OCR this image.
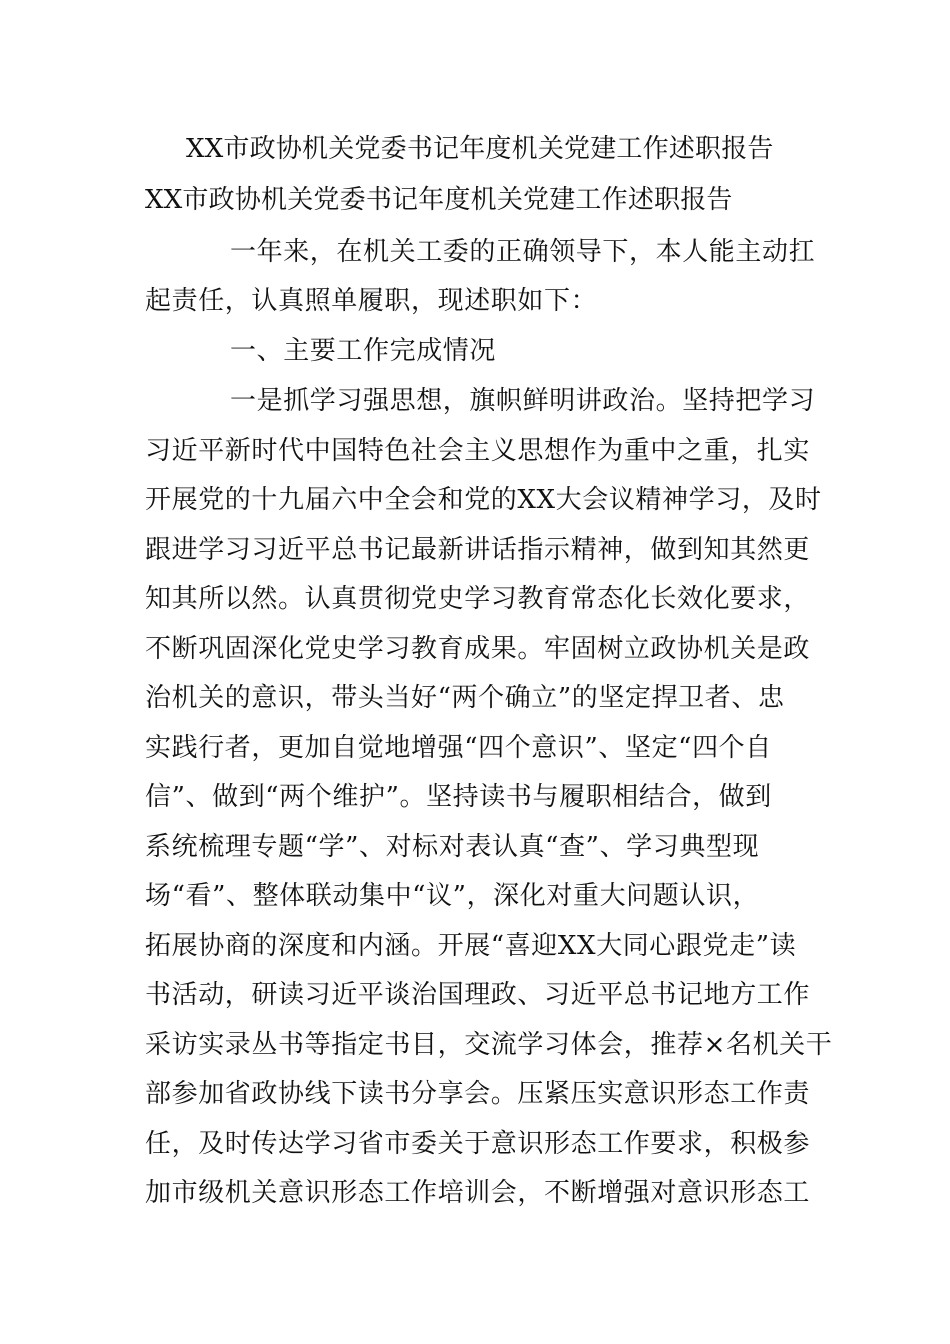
XX市政协机关党委书记年度机关党建工作述职报告
XX市政协机关党委书记年度机关党建工作述职报告
一年来，在机关工委的正确领导下，本人能主动扛
起责任，认真照单履职，现述职如下：
一、主要工作完成情况
一是抓学习强思想，旗帜鲜明讲政治。坚持把学习
习近平新时代中国特色社会主义思想作为重中之重，扎实
开展党的十九届六中全会和党的XX大会议精神学习，及时
跟进学习习近平总书记最新讲话指示精神，做到知其然更
知其所以然。认真贯彻党史学习教育常态化长效化要求，
不断巩固深化党史学习教育成果。牢固树立政协机关是政
治机关的意识，带头当好“两个确立”的坚定捍卫者、忠
实践行者，更加自觉地增强“四个意识”、坚定“四个自
信”、做到“两个维护”。坚持读书与履职相结合，做到
系统梳理专题“学”、对标对表认真“查”、学习典型现
场“看”、整体联动集中“议”，深化对重大问题认识，
拓展协商的深度和内涵。开展“喜迎XX大同心跟党走”读
书活动，研读习近平谈治国理政、习近平总书记地方工作
采访实录丛书等指定书目，交流学习体会，推荐×名机关干
部参加省政协线下读书分享会。压紧压实意识形态工作责
任，及时传达学习省市委关于意识形态工作要求，积极参
加市级机关意识形态工作培训会，不断增强对意识形态工
